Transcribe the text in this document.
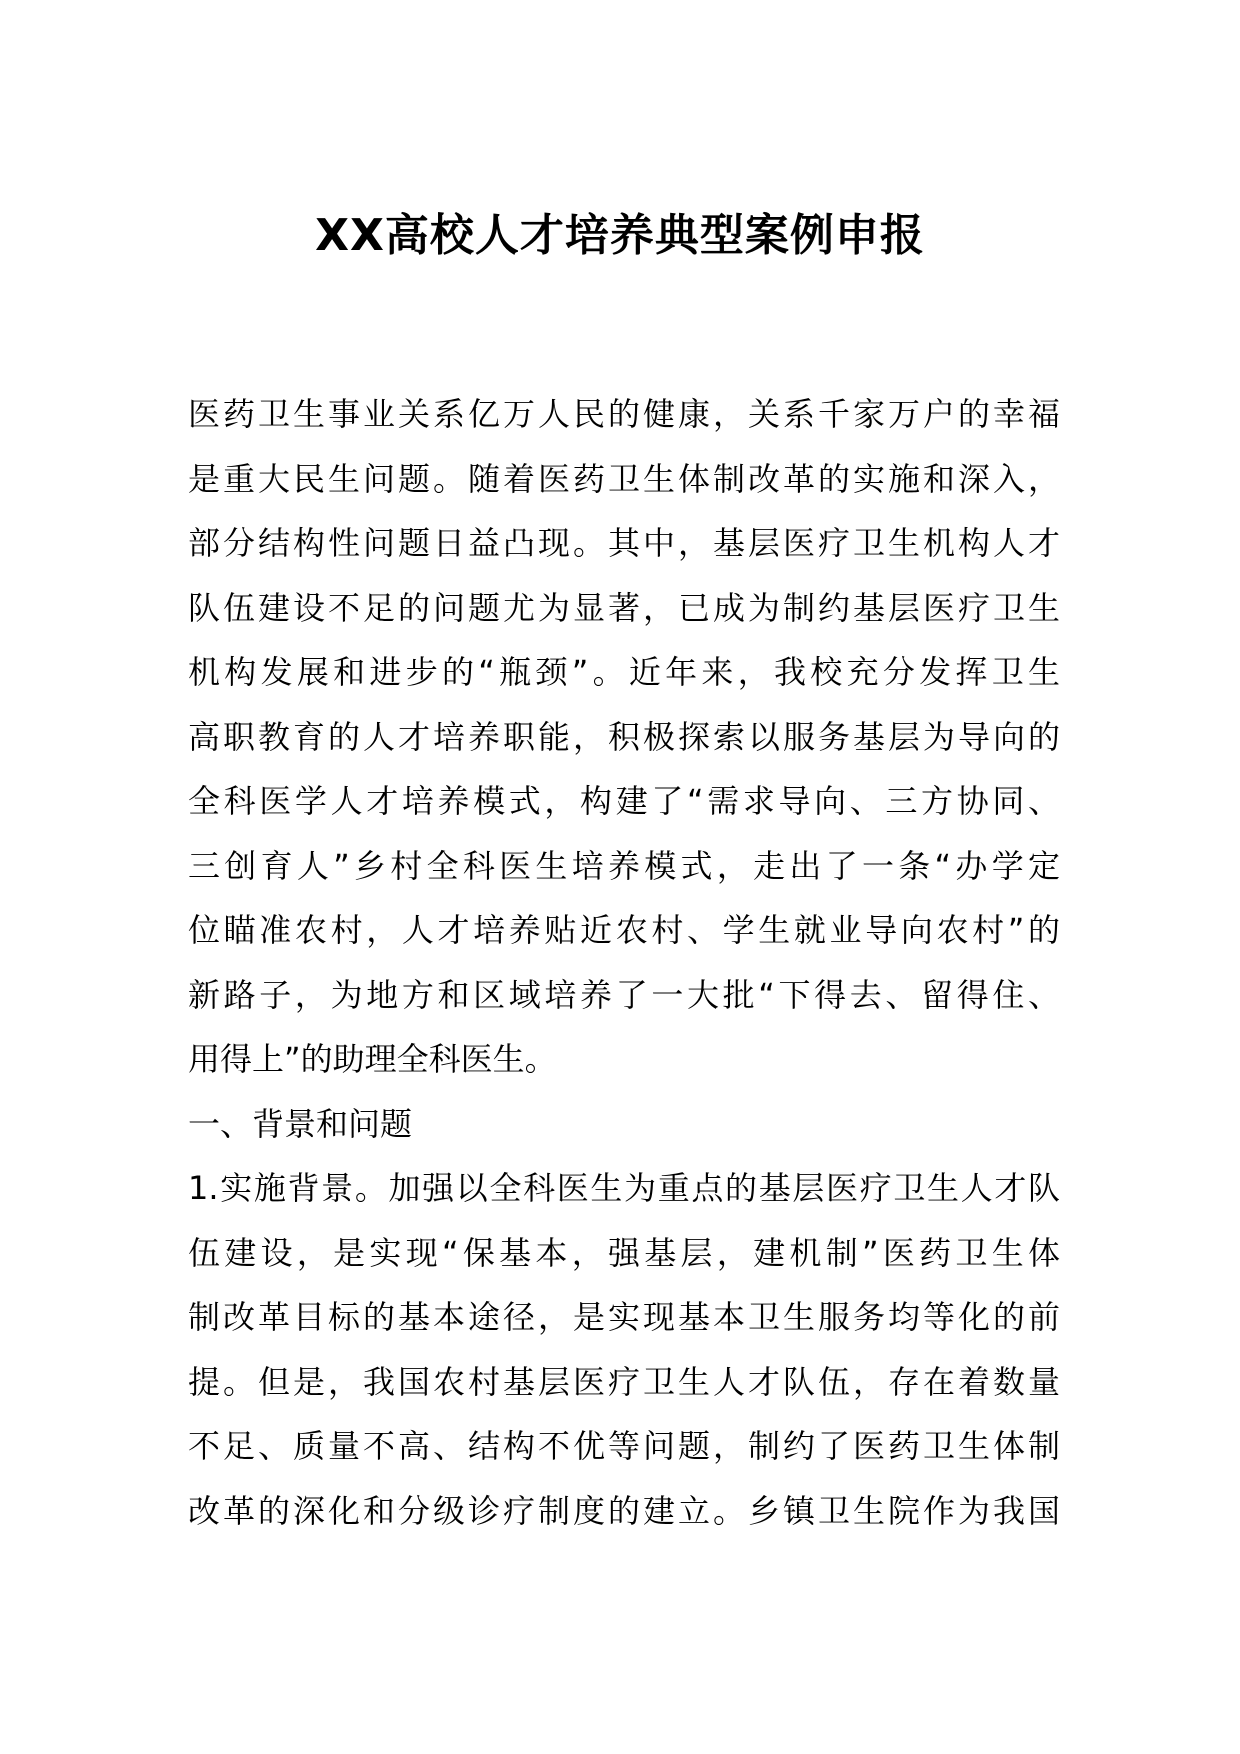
XX高校人才培养典型案例申报
医药卫生事业关系亿万人民的健康，关系千家万户的幸福
是重大民生问题。随着医药卫生体制改革的实施和深入，
部分结构性问题日益凸现。其中，基层医疗卫生机构人才
队伍建设不足的问题尤为显著，已成为制约基层医疗卫生
机构发展和进步的“瓶颈”。近年来，我校充分发挥卫生
高职教育的人才培养职能，积极探索以服务基层为导向的
全科医学人才培养模式，构建了“需求导向、三方协同、
三创育人”乡村全科医生培养模式，走出了一条“办学定
位瞄准农村，人才培养贴近农村、学生就业导向农村”的
新路子，为地方和区域培养了一大批“下得去、留得住、
用得上”的助理全科医生。
一、背景和问题
1.实施背景。加强以全科医生为重点的基层医疗卫生人才队
伍建设，是实现“保基本，强基层，建机制”医药卫生体
制改革目标的基本途径，是实现基本卫生服务均等化的前
提。但是，我国农村基层医疗卫生人才队伍，存在着数量
不足、质量不高、结构不优等问题，制约了医药卫生体制
改革的深化和分级诊疗制度的建立。乡镇卫生院作为我国
